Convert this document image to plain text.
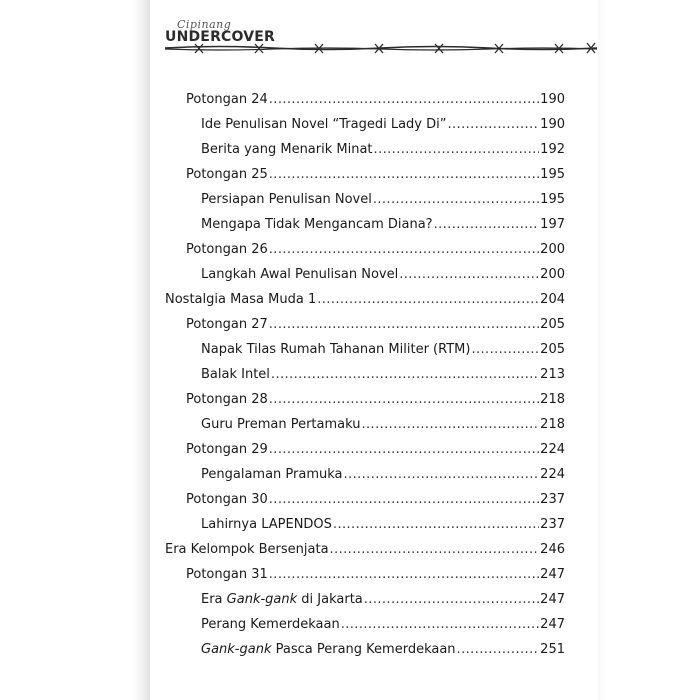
Cipinang
UNDERCOVER
Potongan 24 .....	190
Ide Penulisan Novel “Tragedi Lady Di” .....	190
Berita yang Menarik Minat .....	192
Potongan 25 .....	195
Persiapan Penulisan Novel .....	195
Mengapa Tidak Mengancam Diana? .....	197
Potongan 26 .....	200
Langkah Awal Penulisan Novel .....	200
Nostalgia Masa Muda 1 .....	204
Potongan 27 .....	205
Napak Tilas Rumah Tahanan Militer (RTM) .....	205
Balak Intel .....	213
Potongan 28 .....	218
Guru Preman Pertamaku .....	218
Potongan 29 .....	224
Pengalaman Pramuka .....	224
Potongan 30 .....	237
Lahirnya LAPENDOS .....	237
Era Kelompok Bersenjata .....	246
Potongan 31 .....	247
Era Gank-gank di Jakarta .....	247
Perang Kemerdekaan .....	247
Gank-gank Pasca Perang Kemerdekaan .....	251
